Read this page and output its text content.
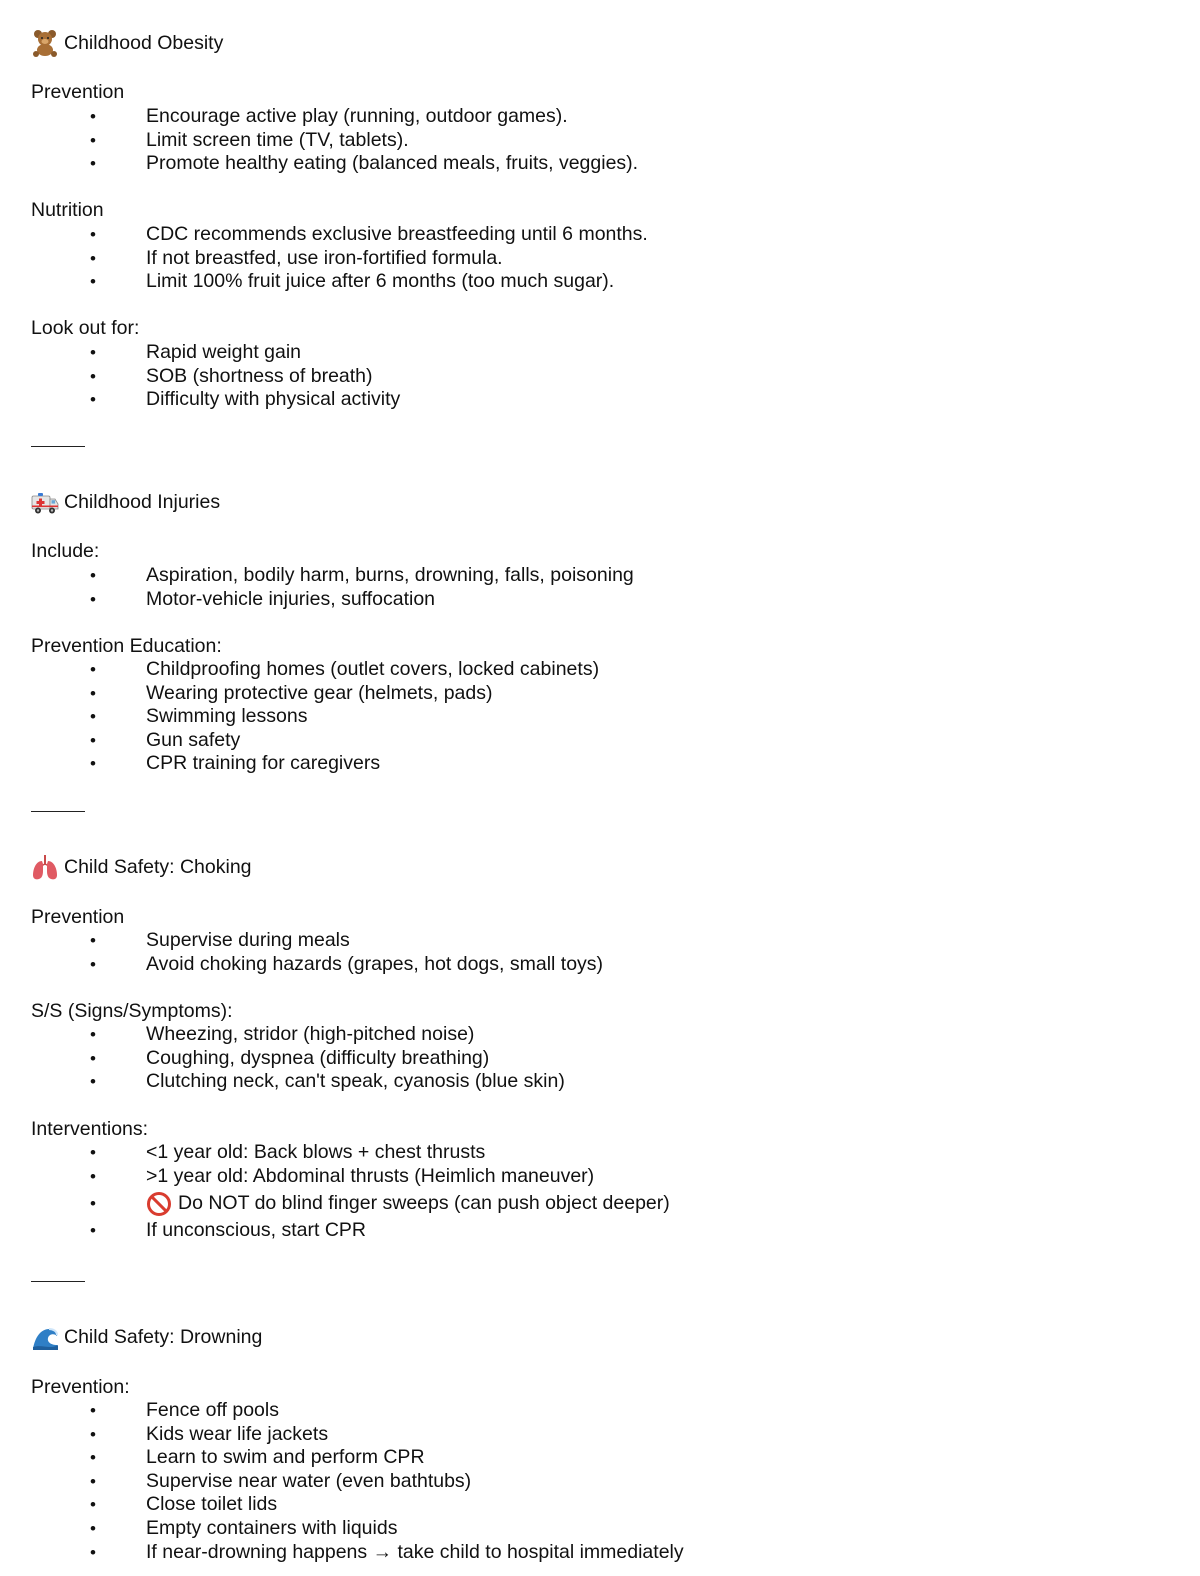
Childhood Obesity
Prevention
•	Encourage active play (running, outdoor games).
•	Limit screen time (TV, tablets).
•	Promote healthy eating (balanced meals, fruits, veggies).
Nutrition
•	CDC recommends exclusive breastfeeding until 6 months.
•	If not breastfed, use iron-fortified formula.
•	Limit 100% fruit juice after 6 months (too much sugar).
Look out for:
•	Rapid weight gain
•	SOB (shortness of breath)
•	Difficulty with physical activity
Childhood Injuries
Include:
•	Aspiration, bodily harm, burns, drowning, falls, poisoning
•	Motor-vehicle injuries, suffocation
Prevention Education:
•	Childproofing homes (outlet covers, locked cabinets)
•	Wearing protective gear (helmets, pads)
•	Swimming lessons
•	Gun safety
•	CPR training for caregivers
Child Safety: Choking
Prevention
•	Supervise during meals
•	Avoid choking hazards (grapes, hot dogs, small toys)
S/S (Signs/Symptoms):
•	Wheezing, stridor (high-pitched noise)
•	Coughing, dyspnea (difficulty breathing)
•	Clutching neck, can't speak, cyanosis (blue skin)
Interventions:
•	<1 year old: Back blows + chest thrusts
•	>1 year old: Abdominal thrusts (Heimlich maneuver)
•	Do NOT do blind finger sweeps (can push object deeper)
•	If unconscious, start CPR
Child Safety: Drowning
Prevention:
•	Fence off pools
•	Kids wear life jackets
•	Learn to swim and perform CPR
•	Supervise near water (even bathtubs)
•	Close toilet lids
•	Empty containers with liquids
•	If near-drowning happens → take child to hospital immediately
